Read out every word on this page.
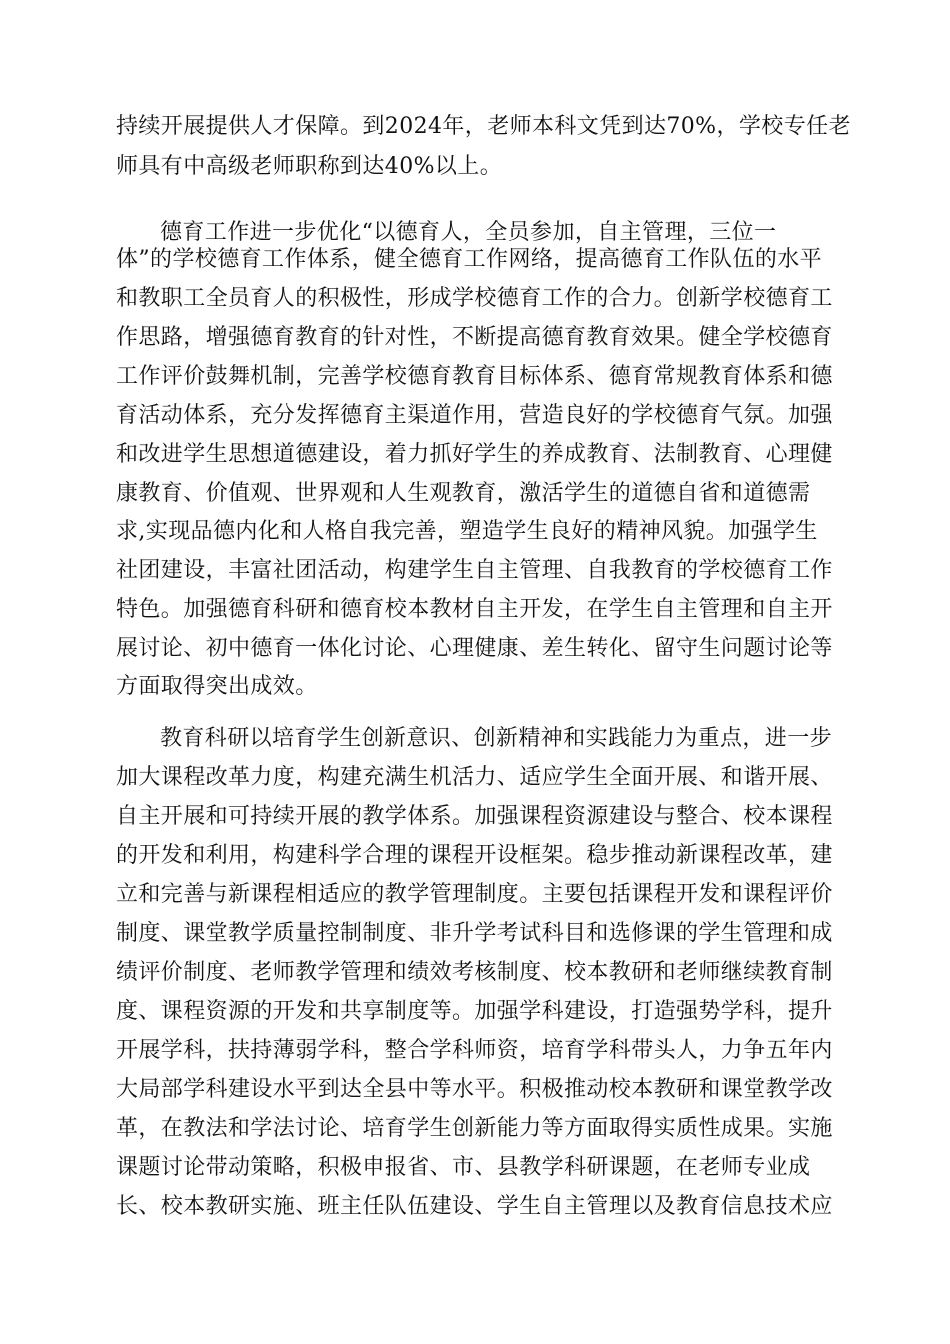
持续开展提供人才保障。到2024年，老师本科文凭到达70%，学校专任老
师具有中高级老师职称到达40%以上。
德育工作进一步优化“以德育人，全员参加，自主管理，三位一
体”的学校德育工作体系，健全德育工作网络，提高德育工作队伍的水平
和教职工全员育人的积极性，形成学校德育工作的合力。创新学校德育工
作思路，增强德育教育的针对性，不断提高德育教育效果。健全学校德育
工作评价鼓舞机制，完善学校德育教育目标体系、德育常规教育体系和德
育活动体系，充分发挥德育主渠道作用，营造良好的学校德育气氛。加强
和改进学生思想道德建设，着力抓好学生的养成教育、法制教育、心理健
康教育、价值观、世界观和人生观教育，激活学生的道德自省和道德需
求,实现品德内化和人格自我完善，塑造学生良好的精神风貌。加强学生
社团建设，丰富社团活动，构建学生自主管理、自我教育的学校德育工作
特色。加强德育科研和德育校本教材自主开发，在学生自主管理和自主开
展讨论、初中德育一体化讨论、心理健康、差生转化、留守生问题讨论等
方面取得突出成效。
教育科研以培育学生创新意识、创新精神和实践能力为重点，进一步
加大课程改革力度，构建充满生机活力、适应学生全面开展、和谐开展、
自主开展和可持续开展的教学体系。加强课程资源建设与整合、校本课程
的开发和利用，构建科学合理的课程开设框架。稳步推动新课程改革，建
立和完善与新课程相适应的教学管理制度。主要包括课程开发和课程评价
制度、课堂教学质量控制制度、非升学考试科目和选修课的学生管理和成
绩评价制度、老师教学管理和绩效考核制度、校本教研和老师继续教育制
度、课程资源的开发和共享制度等。加强学科建设，打造强势学科，提升
开展学科，扶持薄弱学科，整合学科师资，培育学科带头人，力争五年内
大局部学科建设水平到达全县中等水平。积极推动校本教研和课堂教学改
革，在教法和学法讨论、培育学生创新能力等方面取得实质性成果。实施
课题讨论带动策略，积极申报省、市、县教学科研课题，在老师专业成
长、校本教研实施、班主任队伍建设、学生自主管理以及教育信息技术应
